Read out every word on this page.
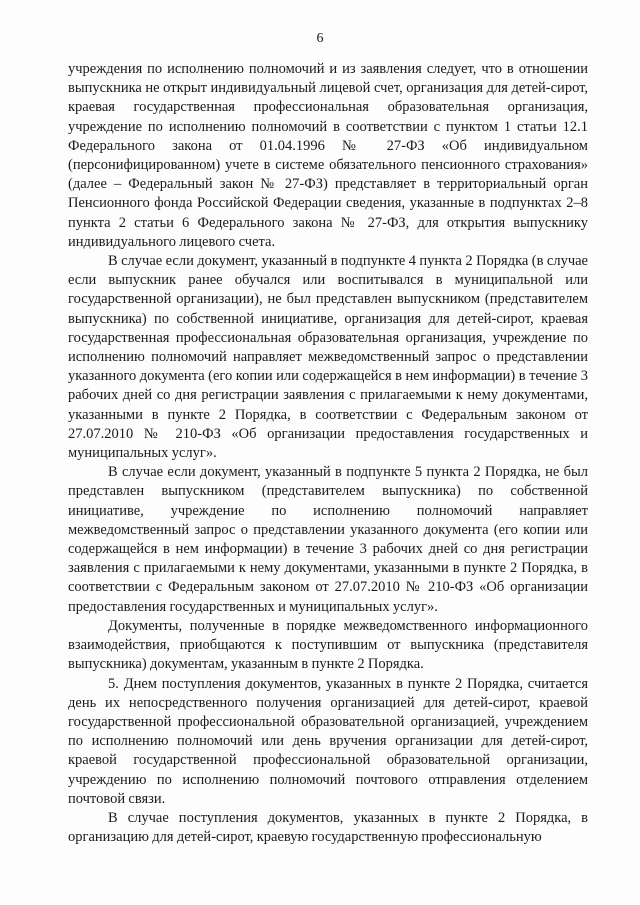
6

учреждения по исполнению полномочий и из заявления следует, что в отношении выпускника не открыт индивидуальный лицевой счет, организация для детей-сирот, краевая государственная профессиональная образовательная организация, учреждение по исполнению полномочий в соответствии с пунктом 1 статьи 12.1 Федерального закона от 01.04.1996 № 27-ФЗ «Об индивидуальном (персонифицированном) учете в системе обязательного пенсионного страхования» (далее – Федеральный закон № 27-ФЗ) представляет в территориальный орган Пенсионного фонда Российской Федерации сведения, указанные в подпунктах 2–8 пункта 2 статьи 6 Федерального закона № 27-ФЗ, для открытия выпускнику индивидуального лицевого счета.

В случае если документ, указанный в подпункте 4 пункта 2 Порядка (в случае если выпускник ранее обучался или воспитывался в муниципальной или государственной организации), не был представлен выпускником (представителем выпускника) по собственной инициативе, организация для детей-сирот, краевая государственная профессиональная образовательная организация, учреждение по исполнению полномочий направляет межведомственный запрос о представлении указанного документа (его копии или содержащейся в нем информации) в течение 3 рабочих дней со дня регистрации заявления с прилагаемыми к нему документами, указанными в пункте 2 Порядка, в соответствии с Федеральным законом от 27.07.2010 № 210-ФЗ «Об организации предоставления государственных и муниципальных услуг».

В случае если документ, указанный в подпункте 5 пункта 2 Порядка, не был представлен выпускником (представителем выпускника) по собственной инициативе, учреждение по исполнению полномочий направляет межведомственный запрос о представлении указанного документа (его копии или содержащейся в нем информации) в течение 3 рабочих дней со дня регистрации заявления с прилагаемыми к нему документами, указанными в пункте 2 Порядка, в соответствии с Федеральным законом от 27.07.2010 № 210-ФЗ «Об организации предоставления государственных и муниципальных услуг».

Документы, полученные в порядке межведомственного информационного взаимодействия, приобщаются к поступившим от выпускника (представителя выпускника) документам, указанным в пункте 2 Порядка.

5. Днем поступления документов, указанных в пункте 2 Порядка, считается день их непосредственного получения организацией для детей-сирот, краевой государственной профессиональной образовательной организацией, учреждением по исполнению полномочий или день вручения организации для детей-сирот, краевой государственной профессиональной образовательной организации, учреждению по исполнению полномочий почтового отправления отделением почтовой связи.

В случае поступления документов, указанных в пункте 2 Порядка, в организацию для детей-сирот, краевую государственную профессиональную
